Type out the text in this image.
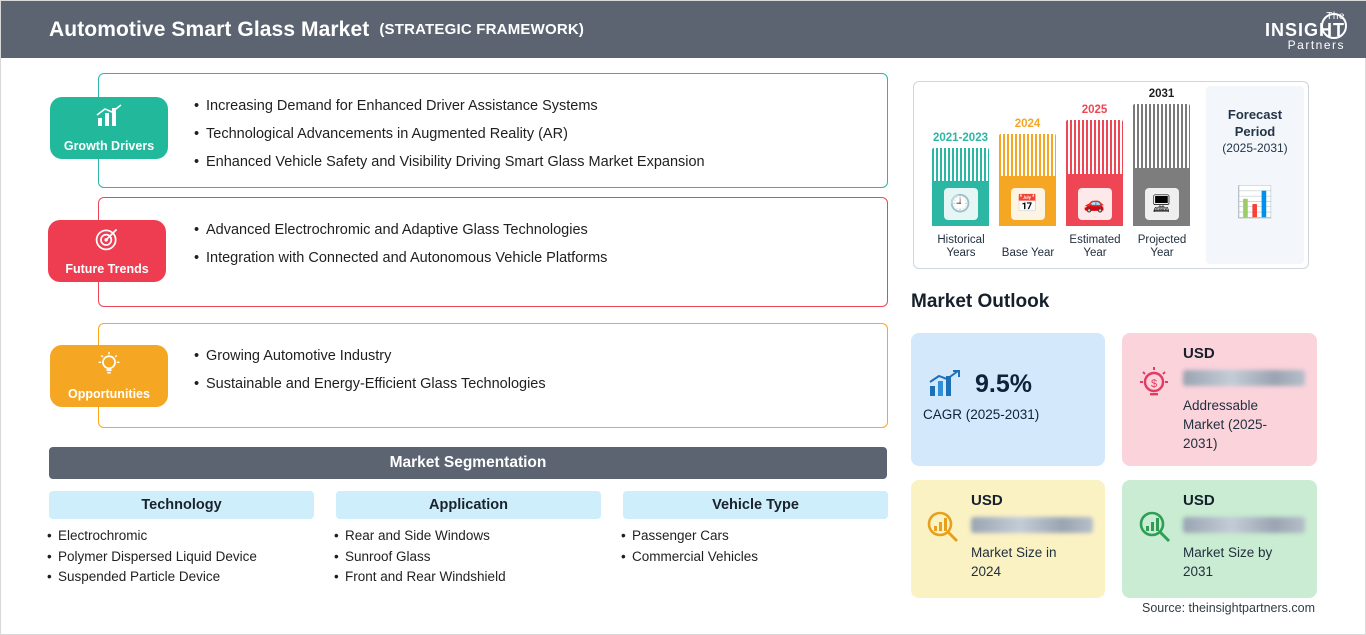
Automotive Smart Glass Market (STRATEGIC FRAMEWORK)
The
INSIGHT
Partners
• Increasing Demand for Enhanced Driver Assistance Systems
• Technological Advancements in Augmented Reality (AR)
• Enhanced Vehicle Safety and Visibility Driving Smart Glass Market Expansion
Growth Drivers
• Advanced Electrochromic and Adaptive Glass Technologies
• Integration with Connected and Autonomous Vehicle Platforms
Future Trends
• Growing Automotive Industry
• Sustainable and Energy-Efficient Glass Technologies
Opportunities
Market Segmentation
Technology	Application	Vehicle Type
• Electrochromic
• Polymer Dispersed Liquid Device
• Suspended Particle Device
• Rear and Side Windows
• Sunroof Glass
• Front and Rear Windshield
• Passenger Cars
• Commercial Vehicles
2021-2023
🕘
Historical Years
2024
📅
Base Year
2025
🚗
Estimated Year
2031
🖥
Projected Year
Forecast Period
(2025-2031)
📊
Market Outlook
9.5%
CAGR (2025-2031)
$
USD
Addressable Market (2025-2031)
USD
Market Size in 2024
USD
Market Size by 2031
Source: theinsightpartners.com
